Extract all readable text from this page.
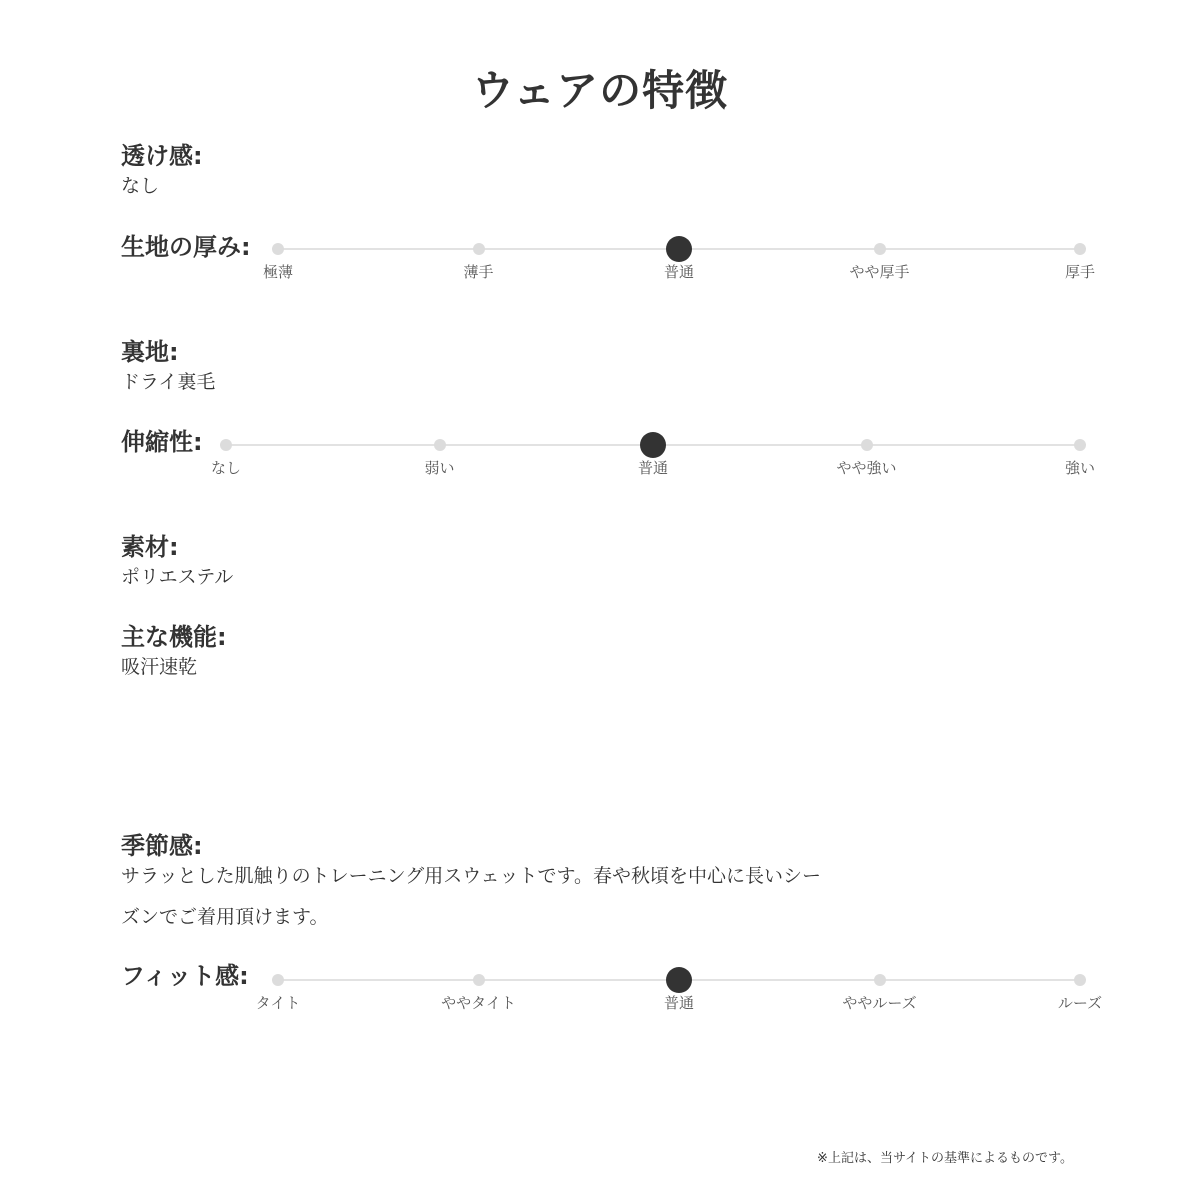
ウェアの特徴
透け感:
なし
生地の厚み:
極薄	薄手	普通	やや厚手	厚手
裏地:
ドライ裏毛
伸縮性:
なし	弱い	普通	やや強い	強い
素材:
ポリエステル
主な機能:
吸汗速乾
季節感:
サラッとした肌触りのトレーニング用スウェットです。春や秋頃を中心に長いシー
ズンでご着用頂けます。
フィット感:
タイト	ややタイト	普通	ややルーズ	ルーズ
※上記は、当サイトの基準によるものです。
